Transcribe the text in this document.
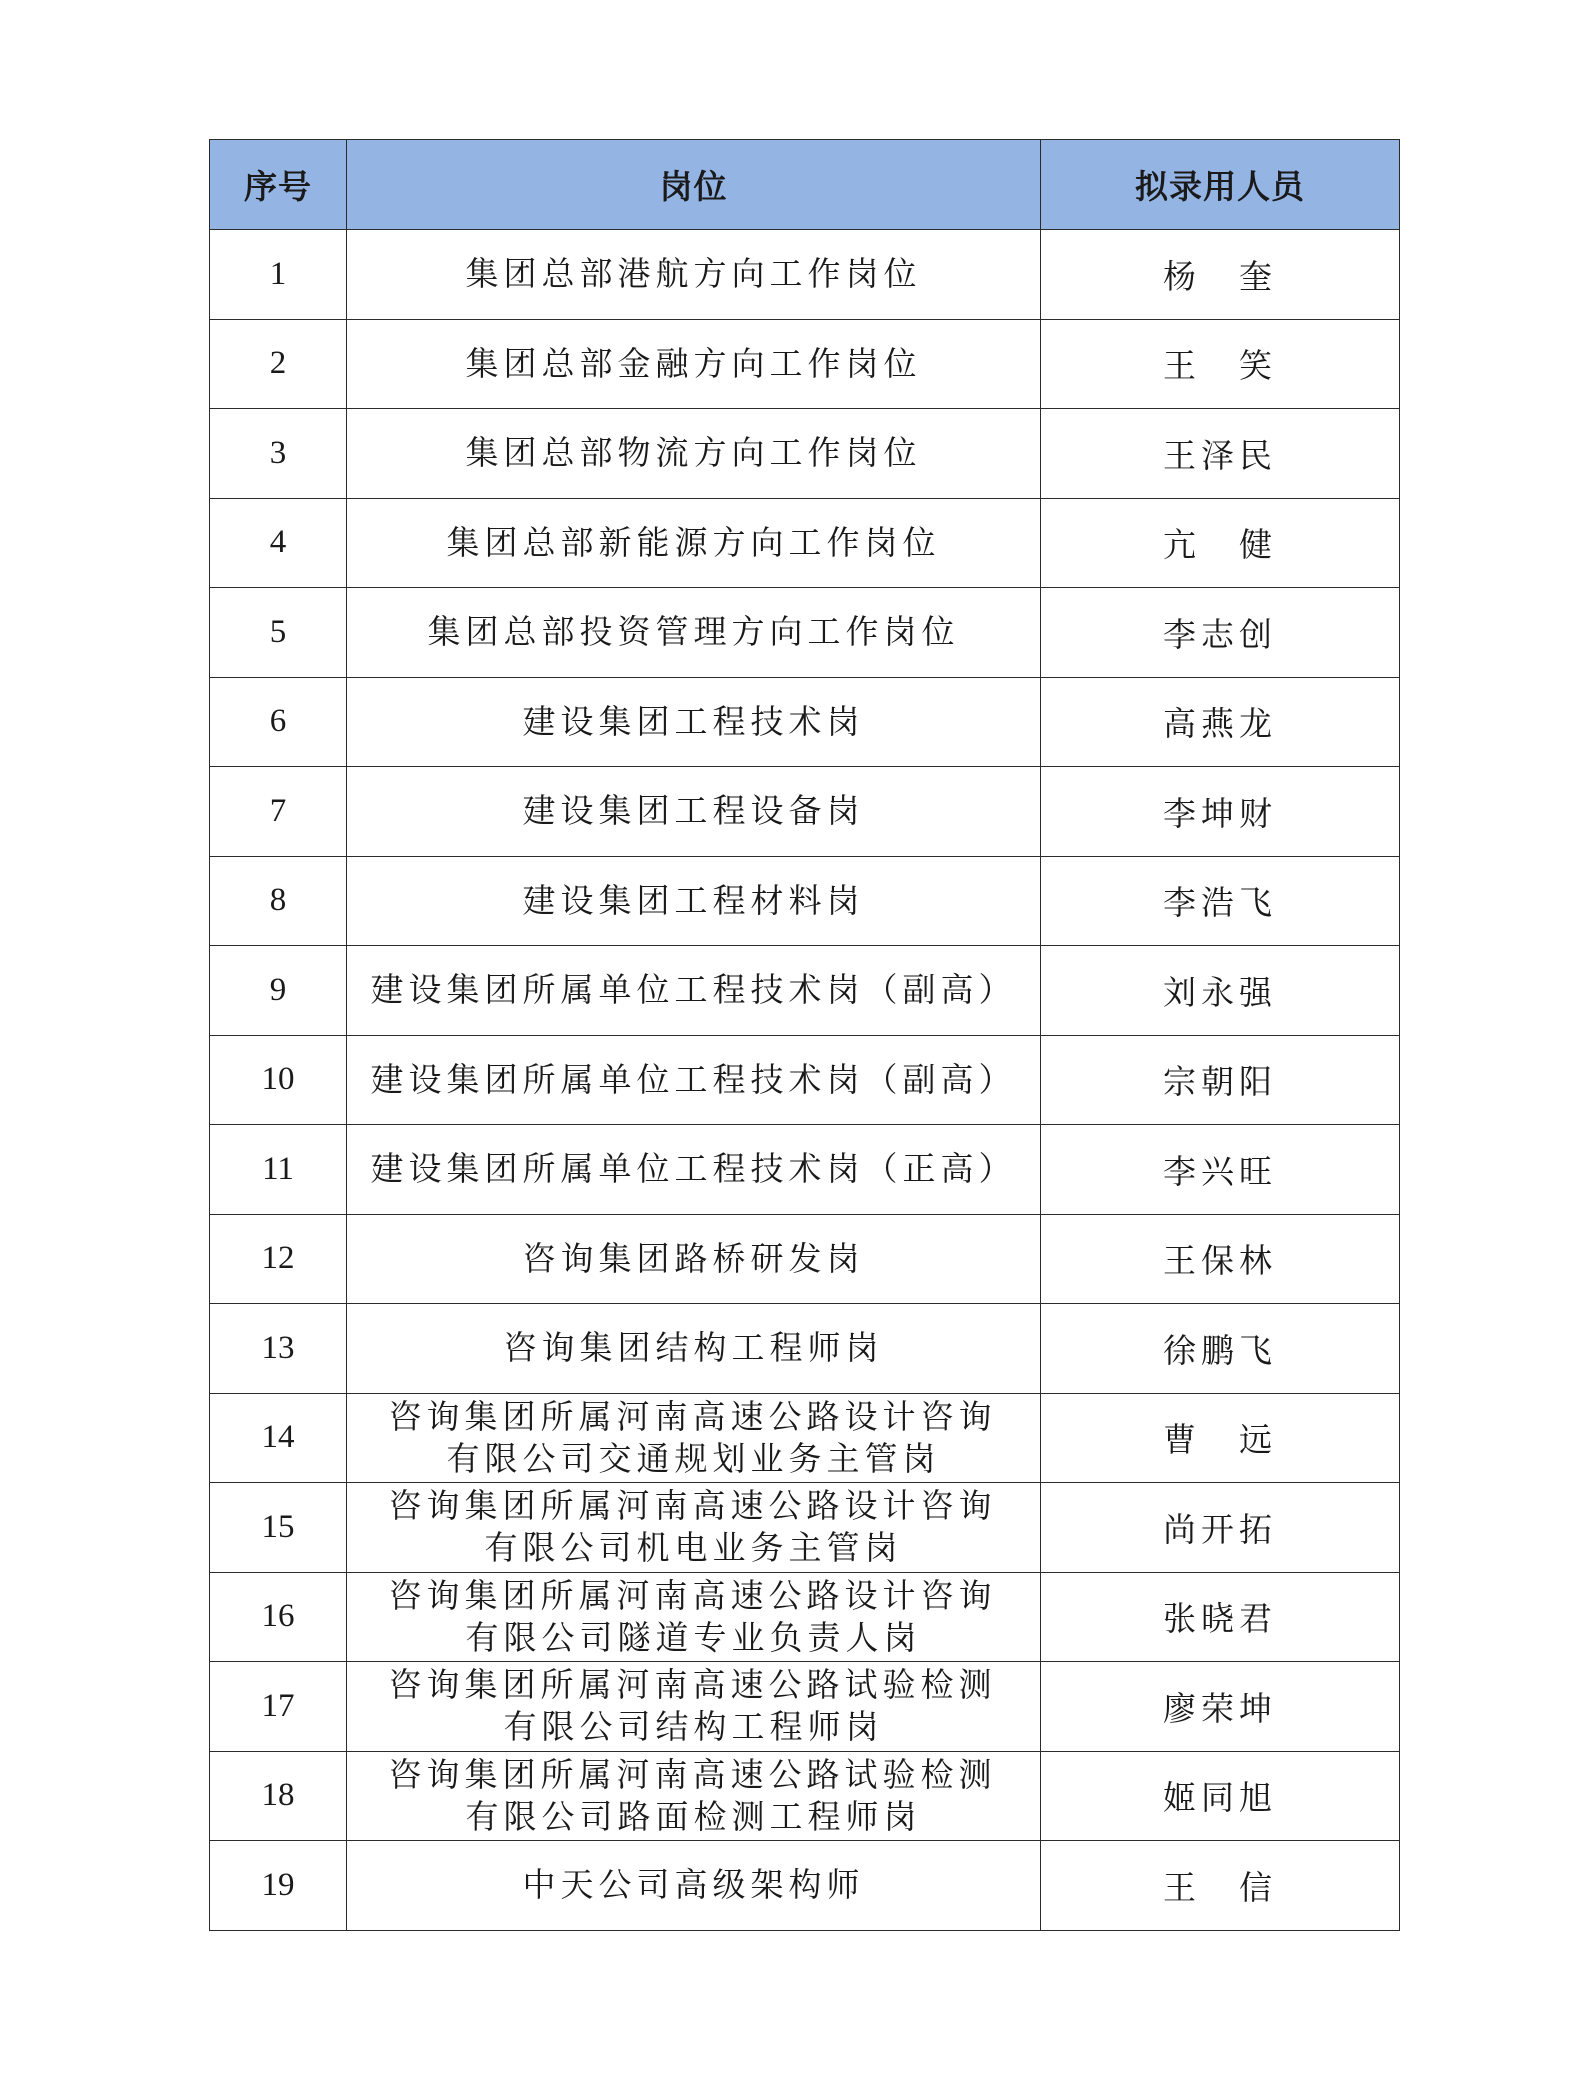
序号	岗位	拟录用人员
1	集团总部港航方向工作岗位	杨　奎
2	集团总部金融方向工作岗位	王　笑
3	集团总部物流方向工作岗位	王泽民
4	集团总部新能源方向工作岗位	亢　健
5	集团总部投资管理方向工作岗位	李志创
6	建设集团工程技术岗	高燕龙
7	建设集团工程设备岗	李坤财
8	建设集团工程材料岗	李浩飞
9	建设集团所属单位工程技术岗（副高）	刘永强
10	建设集团所属单位工程技术岗（副高）	宗朝阳
11	建设集团所属单位工程技术岗（正高）	李兴旺
12	咨询集团路桥研发岗	王保林
13	咨询集团结构工程师岗	徐鹏飞
14	咨询集团所属河南高速公路设计咨询有限公司交通规划业务主管岗	曹　远
15	咨询集团所属河南高速公路设计咨询有限公司机电业务主管岗	尚开拓
16	咨询集团所属河南高速公路设计咨询有限公司隧道专业负责人岗	张晓君
17	咨询集团所属河南高速公路试验检测有限公司结构工程师岗	廖荣坤
18	咨询集团所属河南高速公路试验检测有限公司路面检测工程师岗	姬同旭
19	中天公司高级架构师	王　信
